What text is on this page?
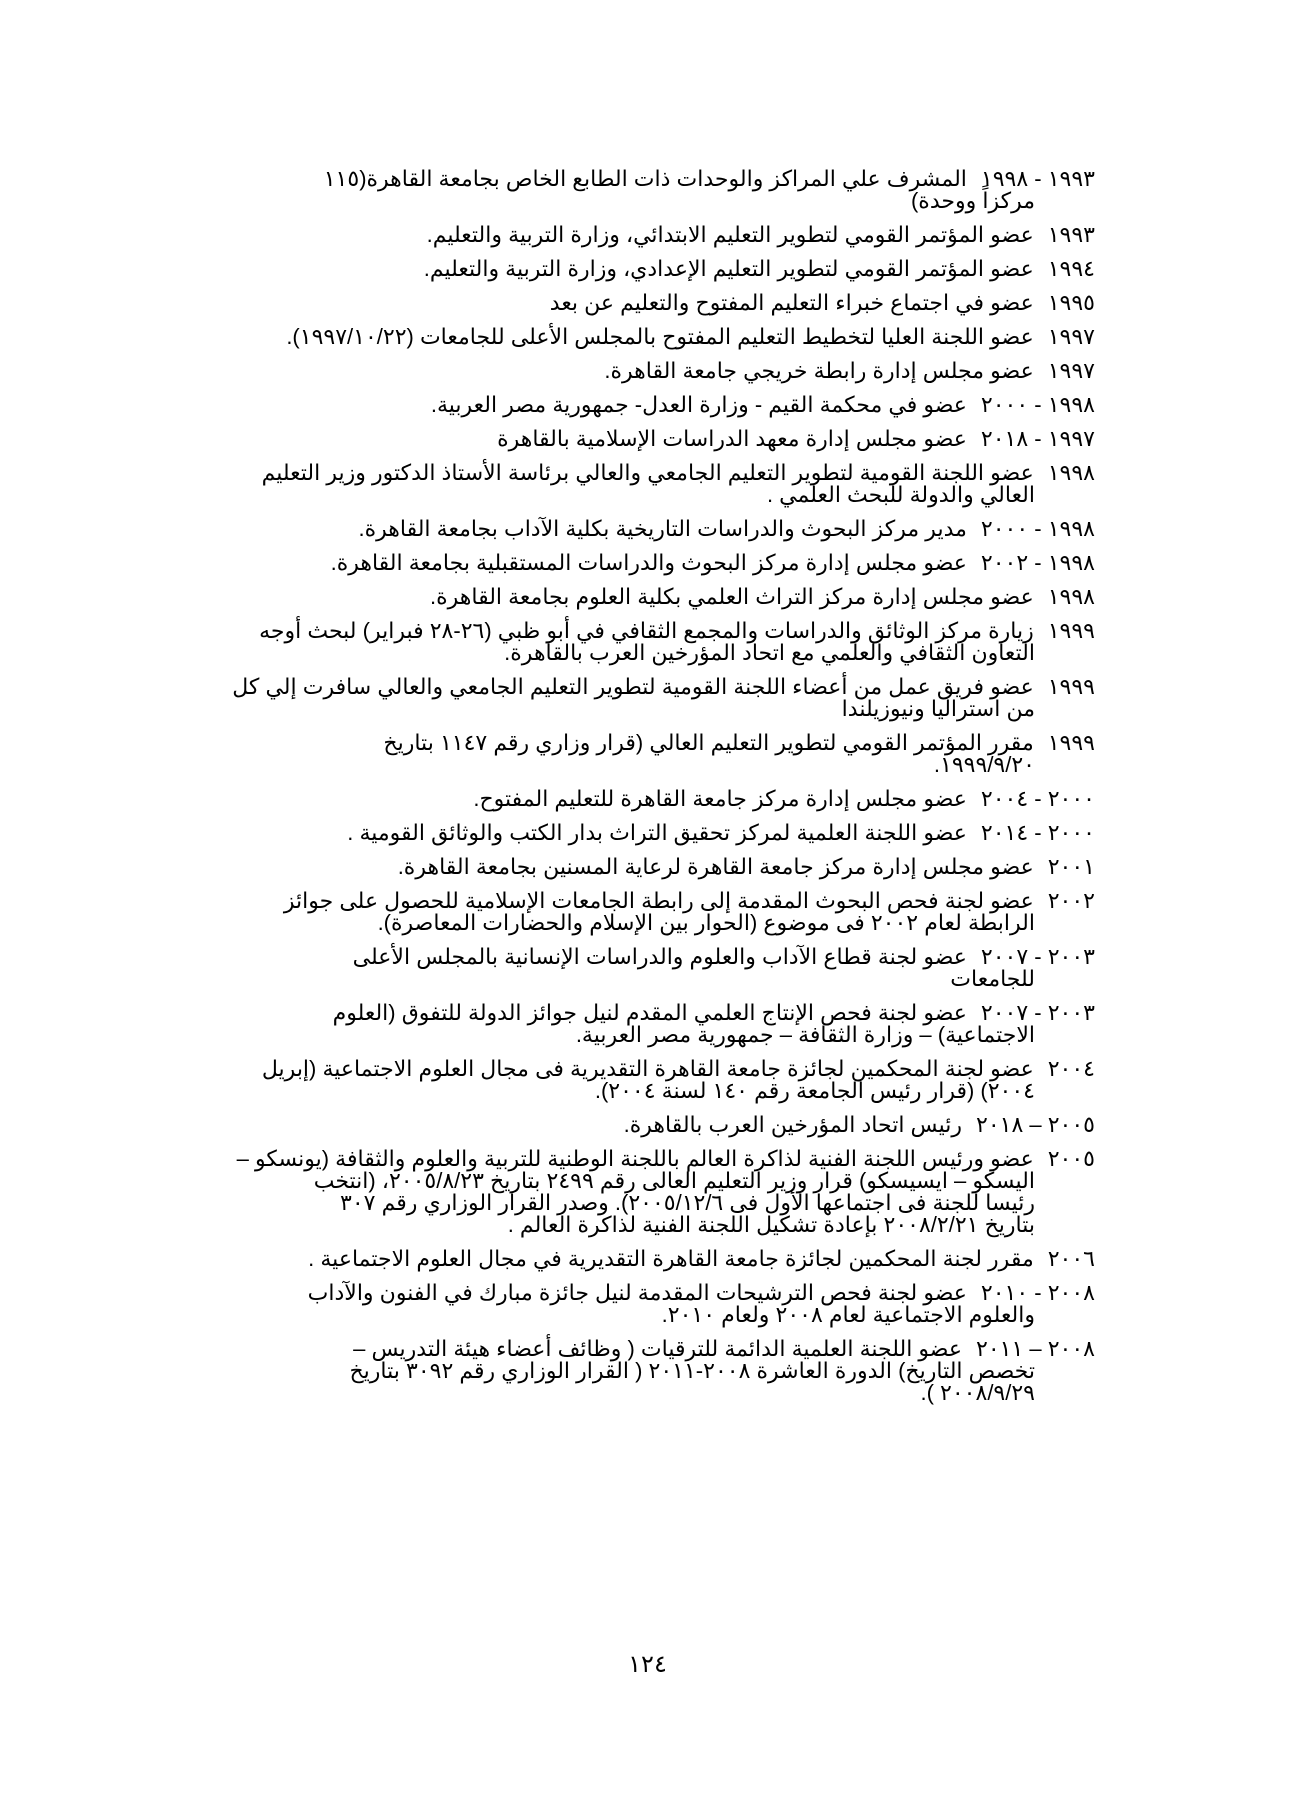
١٩٩٣ - ١٩٩٨المشرف علي المراكز والوحدات ذات الطابع الخاص بجامعة القاهرة(١١٥
مركزاً ووحدة)
١٩٩٣عضو المؤتمر القومي لتطوير التعليم الابتدائي، وزارة التربية والتعليم.
١٩٩٤عضو المؤتمر القومي لتطوير التعليم الإعدادي، وزارة التربية والتعليم.
١٩٩٥عضو في اجتماع خبراء التعليم المفتوح والتعليم عن بعد
١٩٩٧عضو اللجنة العليا لتخطيط التعليم المفتوح بالمجلس الأعلى للجامعات (١٩٩٧/١٠/٢٢).
١٩٩٧عضو مجلس إدارة رابطة خريجي جامعة القاهرة.
١٩٩٨ - ٢٠٠٠عضو في محكمة القيم - وزارة العدل- جمهورية مصر العربية.
١٩٩٧ - ٢٠١٨عضو مجلس إدارة معهد الدراسات الإسلامية بالقاهرة
١٩٩٨عضو اللجنة القومية لتطوير التعليم الجامعي والعالي برئاسة الأستاذ الدكتور وزير التعليم
العالي والدولة للبحث العلمي .
١٩٩٨ - ٢٠٠٠مدير مركز البحوث والدراسات التاريخية بكلية الآداب بجامعة القاهرة.
١٩٩٨ - ٢٠٠٢عضو مجلس إدارة مركز البحوث والدراسات المستقبلية بجامعة القاهرة.
١٩٩٨عضو مجلس إدارة مركز التراث العلمي بكلية العلوم بجامعة القاهرة.
١٩٩٩زيارة مركز الوثائق والدراسات والمجمع الثقافي في أبو ظبي (٢٦-٢٨ فبراير) لبحث أوجه
التعاون الثقافي والعلمي مع اتحاد المؤرخين العرب بالقاهرة.
١٩٩٩عضو فريق عمل من أعضاء اللجنة القومية لتطوير التعليم الجامعي والعالي سافرت إلي كل
من استراليا ونيوزيلندا
١٩٩٩مقرر المؤتمر القومي لتطوير التعليم العالي (قرار وزاري رقم ١١٤٧ بتاريخ
١٩٩٩/٩/٢٠.
٢٠٠٠ - ٢٠٠٤عضو مجلس إدارة مركز جامعة القاهرة للتعليم المفتوح.
٢٠٠٠ - ٢٠١٤عضو اللجنة العلمية لمركز تحقيق التراث بدار الكتب والوثائق القومية .
٢٠٠١عضو مجلس إدارة مركز جامعة القاهرة لرعاية المسنين بجامعة القاهرة.
٢٠٠٢عضو لجنة فحص البحوث المقدمة إلى رابطة الجامعات الإسلامية للحصول على جوائز
الرابطة لعام ٢٠٠٢ فى موضوع (الحوار بين الإسلام والحضارات المعاصرة).
٢٠٠٣ - ٢٠٠٧عضو لجنة قطاع الآداب والعلوم والدراسات الإنسانية بالمجلس الأعلى
للجامعات
٢٠٠٣ - ٢٠٠٧عضو لجنة فحص الإنتاج العلمي المقدم لنيل جوائز الدولة للتفوق (العلوم
الاجتماعية) – وزارة الثقافة – جمهورية مصر العربية.
٢٠٠٤عضو لجنة المحكمين لجائزة جامعة القاهرة التقديرية فى مجال العلوم الاجتماعية (إبريل
٢٠٠٤) (قرار رئيس الجامعة رقم ١٤٠ لسنة ٢٠٠٤).
٢٠٠٥ – ٢٠١٨رئيس اتحاد المؤرخين العرب بالقاهرة.
٢٠٠٥عضو ورئيس اللجنة الفنية لذاكرة العالم باللجنة الوطنية للتربية والعلوم والثقافة (يونسكو –
اليسكو – ايسيسكو) قرار وزير التعليم العالى رقم ٢٤٩٩ بتاريخ ٢٠٠٥/٨/٢٣، (انتخب
رئيسا للجنة فى اجتماعها الأول فى ٢٠٠٥/١٢/٦). وصدر القرار الوزاري رقم ٣٠٧
بتاريخ ٢٠٠٨/٢/٢١ بإعادة تشكيل اللجنة الفنية لذاكرة العالم .
٢٠٠٦مقرر لجنة المحكمين لجائزة جامعة القاهرة التقديرية في مجال العلوم الاجتماعية .
٢٠٠٨ - ٢٠١٠عضو لجنة فحص الترشيحات المقدمة لنيل جائزة مبارك في الفنون والآداب
والعلوم الاجتماعية لعام ٢٠٠٨ ولعام ٢٠١٠.
٢٠٠٨ – ٢٠١١عضو اللجنة العلمية الدائمة للترقيات ( وظائف أعضاء هيئة التدريس –
تخصص التاريخ) الدورة العاشرة ٢٠٠٨-٢٠١١ ( القرار الوزاري رقم ٣٠٩٢ بتاريخ
٢٠٠٨/٩/٢٩ ).
١٢٤
